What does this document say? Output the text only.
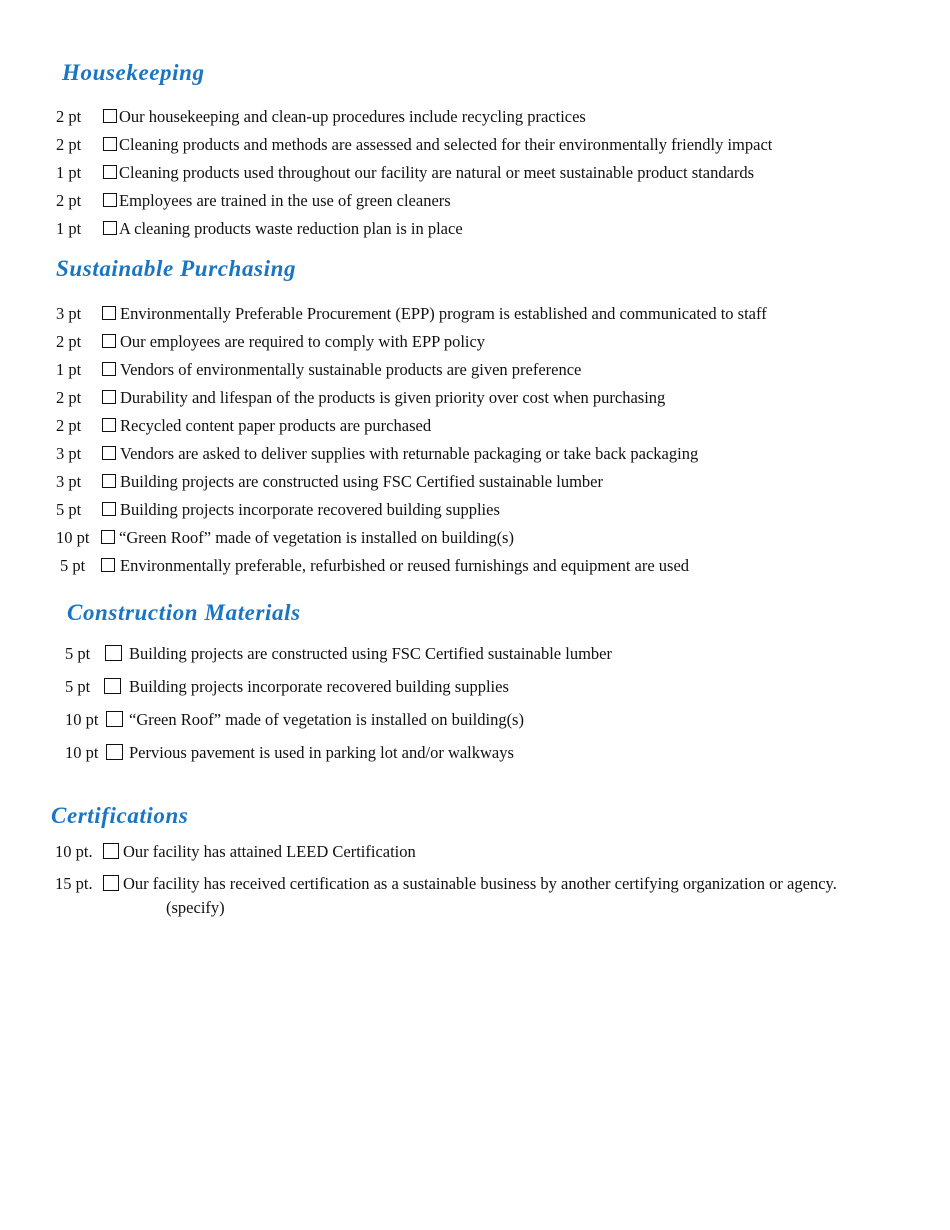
Housekeeping
2 pt Our housekeeping and clean-up procedures include recycling practices
2 pt Cleaning products and methods are assessed and selected for their environmentally friendly impact
1 pt Cleaning products used throughout our facility are natural or meet sustainable product standards
2 pt Employees are trained in the use of green cleaners
1 pt A cleaning products waste reduction plan is in place
Sustainable Purchasing
3 pt Environmentally Preferable Procurement (EPP) program is established and communicated to staff
2 pt Our employees are required to comply with EPP policy
1 pt Vendors of environmentally sustainable products are given preference
2 pt Durability and lifespan of the products is given priority over cost when purchasing
2 pt Recycled content paper products are purchased
3 pt Vendors are asked to deliver supplies with returnable packaging or take back packaging
3 pt Building projects are constructed using FSC Certified sustainable lumber
5 pt Building projects incorporate recovered building supplies
10 pt “Green Roof” made of vegetation is installed on building(s)
5 pt Environmentally preferable, refurbished or reused furnishings and equipment are used
Construction Materials
5 pt Building projects are constructed using FSC Certified sustainable lumber
5 pt Building projects incorporate recovered building supplies
10 pt “Green Roof” made of vegetation is installed on building(s)
10 pt Pervious pavement is used in parking lot and/or walkways
Certifications
10 pt. Our facility has attained LEED Certification
15 pt. Our facility has received certification as a sustainable business by another certifying organization or agency.
(specify)
